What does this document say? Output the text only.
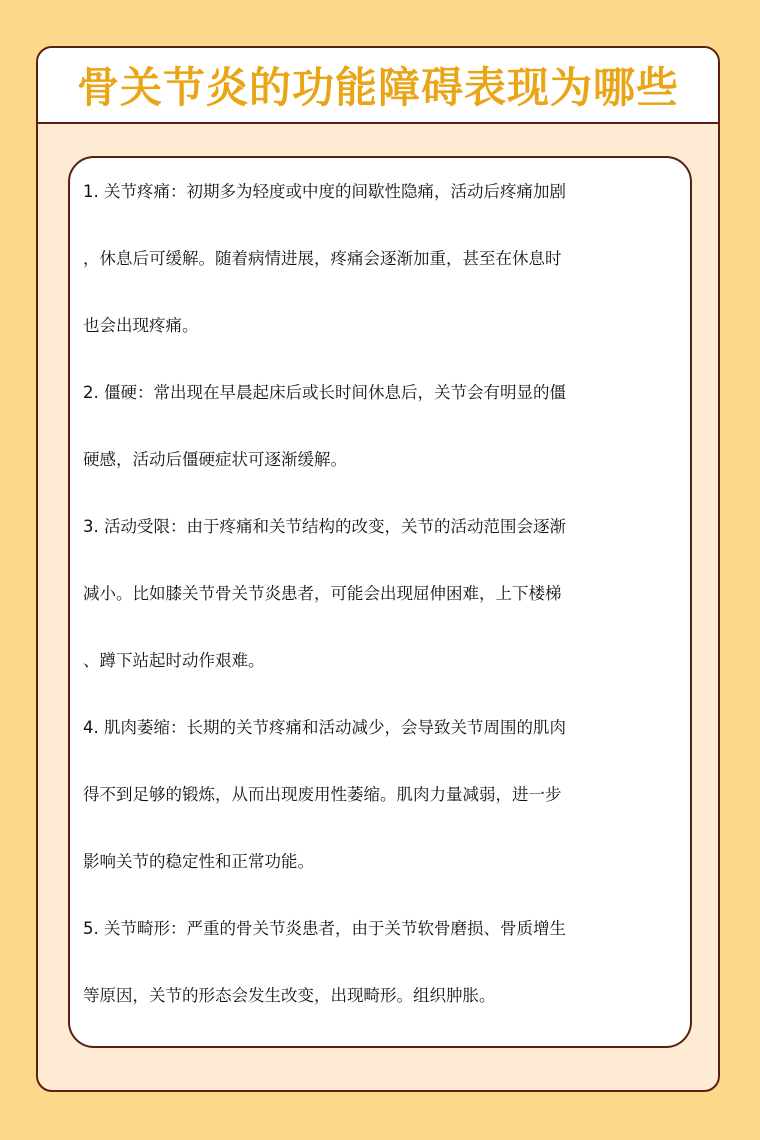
骨关节炎的功能障碍表现为哪些
1. 关节疼痛：初期多为轻度或中度的间歇性隐痛，活动后疼痛加剧
，休息后可缓解。随着病情进展，疼痛会逐渐加重，甚至在休息时
也会出现疼痛。
2. 僵硬：常出现在早晨起床后或长时间休息后，关节会有明显的僵
硬感，活动后僵硬症状可逐渐缓解。
3. 活动受限：由于疼痛和关节结构的改变，关节的活动范围会逐渐
减小。比如膝关节骨关节炎患者，可能会出现屈伸困难，上下楼梯
、蹲下站起时动作艰难。
4. 肌肉萎缩：长期的关节疼痛和活动减少，会导致关节周围的肌肉
得不到足够的锻炼，从而出现废用性萎缩。肌肉力量减弱，进一步
影响关节的稳定性和正常功能。
5. 关节畸形：严重的骨关节炎患者，由于关节软骨磨损、骨质增生
等原因，关节的形态会发生改变，出现畸形。组织肿胀。
